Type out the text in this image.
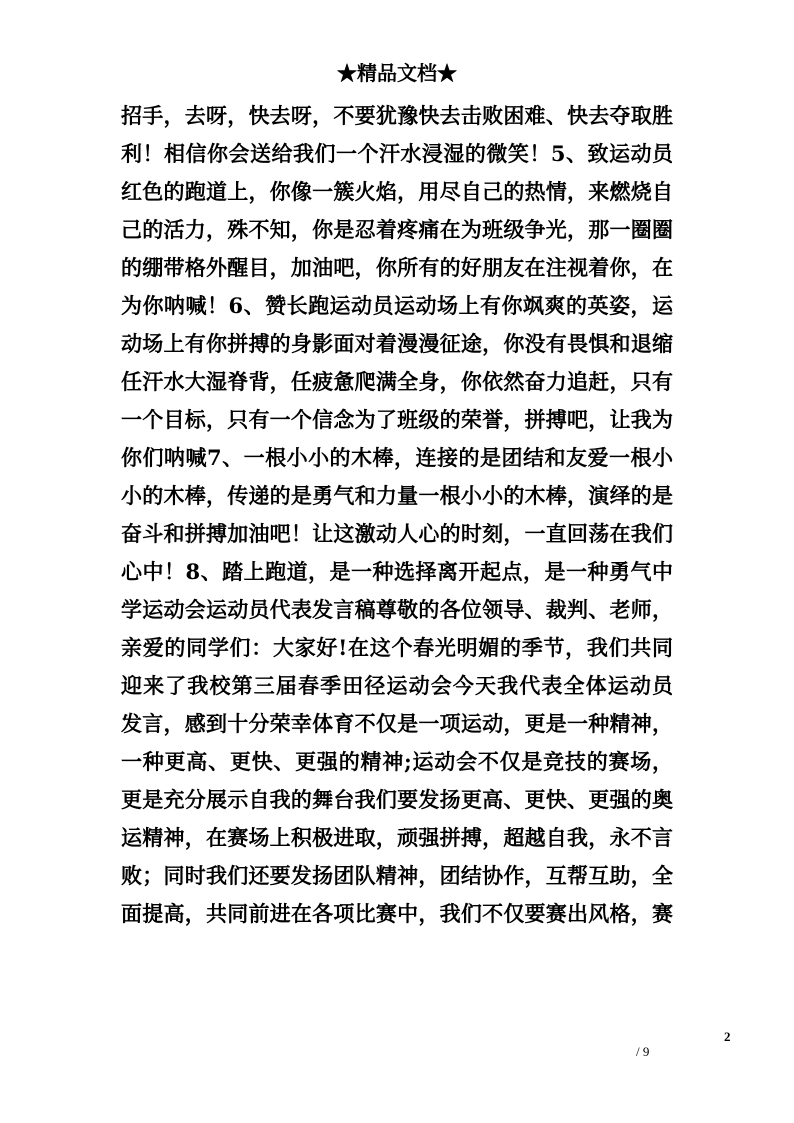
★精品文档★
招手，去呀，快去呀，不要犹豫快去击败困难、快去夺取胜
利！相信你会送给我们一个汗水浸湿的微笑！5、致运动员
红色的跑道上，你像一簇火焰，用尽自己的热情，来燃烧自
己的活力，殊不知，你是忍着疼痛在为班级争光，那一圈圈
的绷带格外醒目，加油吧，你所有的好朋友在注视着你，在
为你呐喊！6、赞长跑运动员运动场上有你飒爽的英姿，运
动场上有你拼搏的身影面对着漫漫征途，你没有畏惧和退缩
任汗水大湿脊背，任疲惫爬满全身，你依然奋力追赶，只有
一个目标，只有一个信念为了班级的荣誉，拼搏吧，让我为
你们呐喊7、一根小小的木棒，连接的是团结和友爱一根小
小的木棒，传递的是勇气和力量一根小小的木棒，演绎的是
奋斗和拼搏加油吧！让这激动人心的时刻，一直回荡在我们
心中！8、踏上跑道，是一种选择离开起点，是一种勇气中
学运动会运动员代表发言稿尊敬的各位领导、裁判、老师，
亲爱的同学们：大家好!在这个春光明媚的季节，我们共同
迎来了我校第三届春季田径运动会今天我代表全体运动员
发言，感到十分荣幸体育不仅是一项运动，更是一种精神，
一种更高、更快、更强的精神;运动会不仅是竞技的赛场，
更是充分展示自我的舞台我们要发扬更高、更快、更强的奥
运精神，在赛场上积极进取，顽强拼搏，超越自我，永不言
败；同时我们还要发扬团队精神，团结协作，互帮互助，全
面提高，共同前进在各项比赛中，我们不仅要赛出风格，赛
2
/ 9
